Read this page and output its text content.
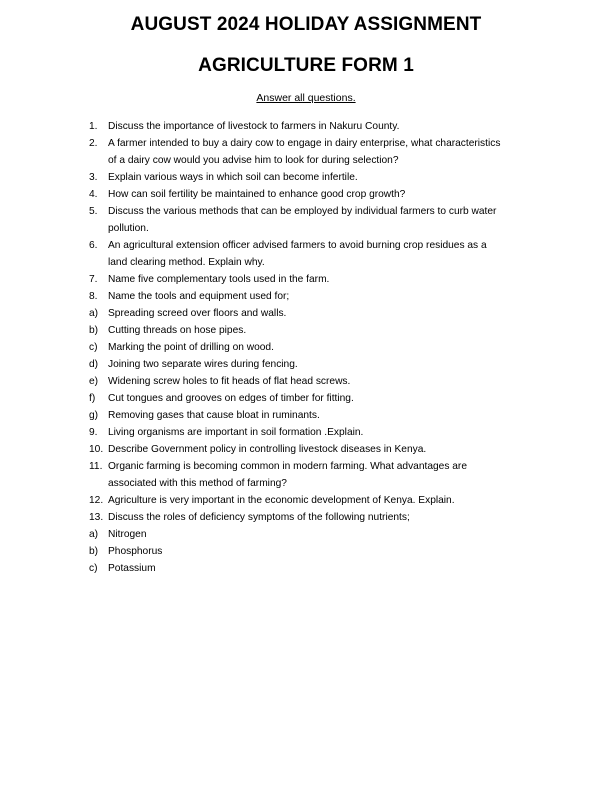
AUGUST 2024 HOLIDAY ASSIGNMENT
AGRICULTURE FORM 1

Answer all questions.

1.	Discuss the importance of livestock to farmers in Nakuru County.
2.	A farmer intended to buy a dairy cow to engage in dairy enterprise, what characteristics
of a dairy cow would you advise him to look for during selection?
3.	Explain various ways in which soil can become infertile.
4.	How can soil fertility be maintained to enhance good crop growth?
5.	Discuss the various methods that can be employed by individual farmers to curb water
pollution.
6.	An agricultural extension officer advised farmers to avoid burning crop residues as a
land clearing method. Explain why.
7.	Name five complementary tools used in the farm.
8.	Name the tools and equipment used for;
a) Spreading screed over floors and walls.
b) Cutting threads on hose pipes.
c)	Marking the point of drilling on wood.
d) Joining two separate wires during fencing.
e) Widening screw holes to fit heads of flat head screws.
f)	Cut tongues and grooves on edges of timber for fitting.
g) Removing gases that cause bloat in ruminants.
9.	Living organisms are important in soil formation .Explain.
10. Describe Government policy in controlling livestock diseases in Kenya.
11. Organic farming is becoming common in modern farming. What advantages are
associated with this method of farming?
12. Agriculture is very important in the economic development of Kenya. Explain.
13. Discuss the roles of deficiency symptoms of the following nutrients;
a) Nitrogen
b) Phosphorus
c)	Potassium
